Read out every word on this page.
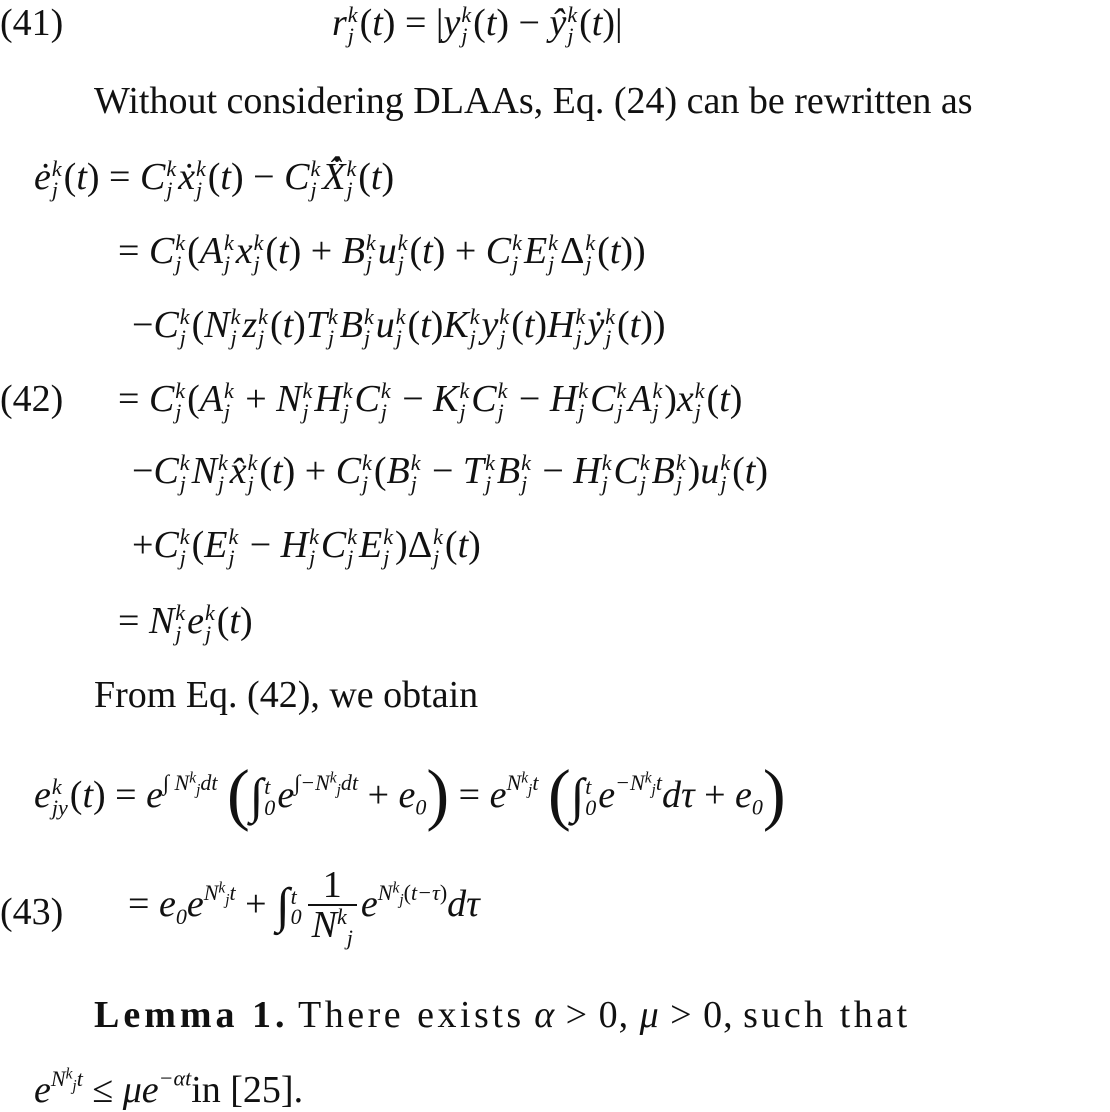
r k
j (t) = |y k
j (t) − ŷ k
j (t)|
(41)
Without considering DLAAs, Eq. (24) can be rewritten as
ė k
j (t) = C k
j ẋ k
j (t) − C k
j X̂̇ k
j (t)
= C k
j (A k
j x k
j (t) + B k
j u k
j (t) + C k
j E k
j Δ k
j (t))
−C k
j (N k
j z k
j (t)T k
j B k
j u k
j (t)K k
j y k
j (t)H k
j ẏ k
j (t))
= C k
j (A k
j + N k
j H k
j C k
j − K k
j C k
j − H k
j C k
j A k
j )x k
j (t)
(42)
−C k
j N k
j x̂ k
j (t) + C k
j (B k
j − T k
j B k
j − H k
j C k
j B k
j )u k
j (t)
+C k
j (E k
j − H k
j C k
j E k
j )Δ k
j (t)
= N k
j e k
j (t)
From Eq. (42), we obtain
e k
jy $(t) = e^{\int N^k_jdt}$ (∫ t
0 $e^{\int-N^k_jdt} + e_0) = e^{N^k_jt}$ (∫ t
0 $e^{-N^k_jt}d\tau + e_0$)
= $e_0e^{N^k_jt}$ + ∫ t
$0 \frac{1}{N^k_j} e^{N^k_j(t-\tau)}d\tau$
(43)
Lemma 1. There exists α > 0, μ > 0, such that
$e^{N^k_jt} \le \mu e^{-\alpha t}in$ [25].
